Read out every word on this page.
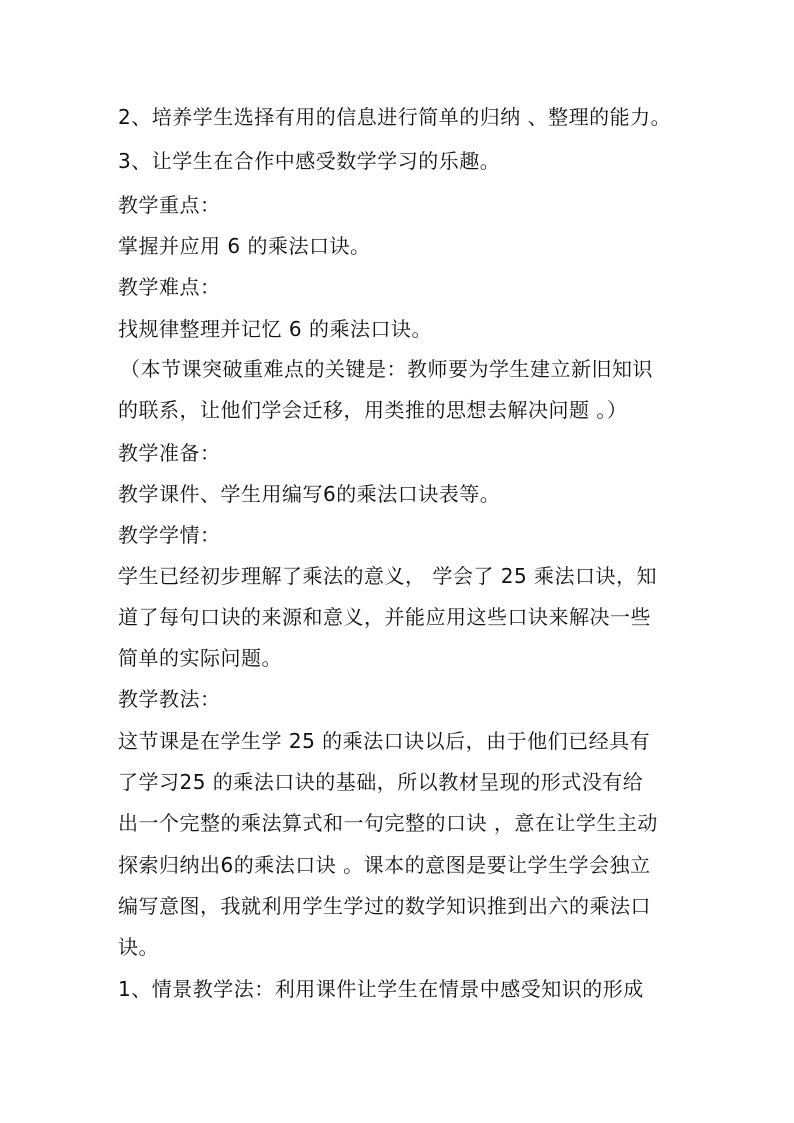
2、培养学生选择有用的信息进行简单的归纳 、整理的能力。
3、让学生在合作中感受数学学习的乐趣。
教学重点：
掌握并应用 6 的乘法口诀。
教学难点：
找规律整理并记忆 6 的乘法口诀。
（本节课突破重难点的关键是：教师要为学生建立新旧知识
的联系，让他们学会迁移，用类推的思想去解决问题 。）
教学准备：
教学课件、学生用编写6的乘法口诀表等。
教学学情：
学生已经初步理解了乘法的意义， 学会了 25 乘法口诀，知
道了每句口诀的来源和意义，并能应用这些口诀来解决一些
简单的实际问题。
教学教法：
这节课是在学生学 25 的乘法口诀以后，由于他们已经具有
了学习25 的乘法口诀的基础，所以教材呈现的形式没有给
出一个完整的乘法算式和一句完整的口诀 ，意在让学生主动
探索归纳出6的乘法口诀 。课本的意图是要让学生学会独立
编写意图，我就利用学生学过的数学知识推到出六的乘法口
诀。
1、情景教学法：利用课件让学生在情景中感受知识的形成
